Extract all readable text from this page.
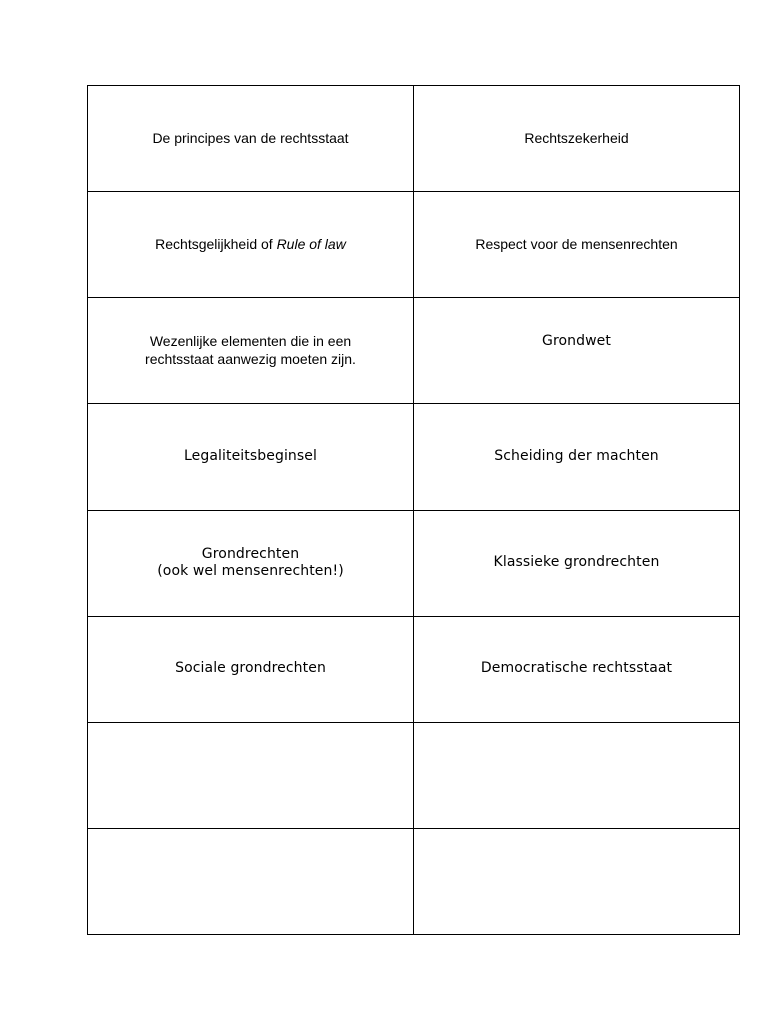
De principes van de rechtsstaat	Rechtszekerheid
Rechtsgelijkheid of Rule of law	Respect voor de mensenrechten

Wezenlijke elementen die in een
rechtsstaat aanwezig moeten zijn.	Grondwet

Legaliteitsbeginsel	Scheiding der machten

Grondrechten
(ook wel mensenrechten!)	Klassieke grondrechten
Sociale grondrechten	Democratische rechtsstaat
